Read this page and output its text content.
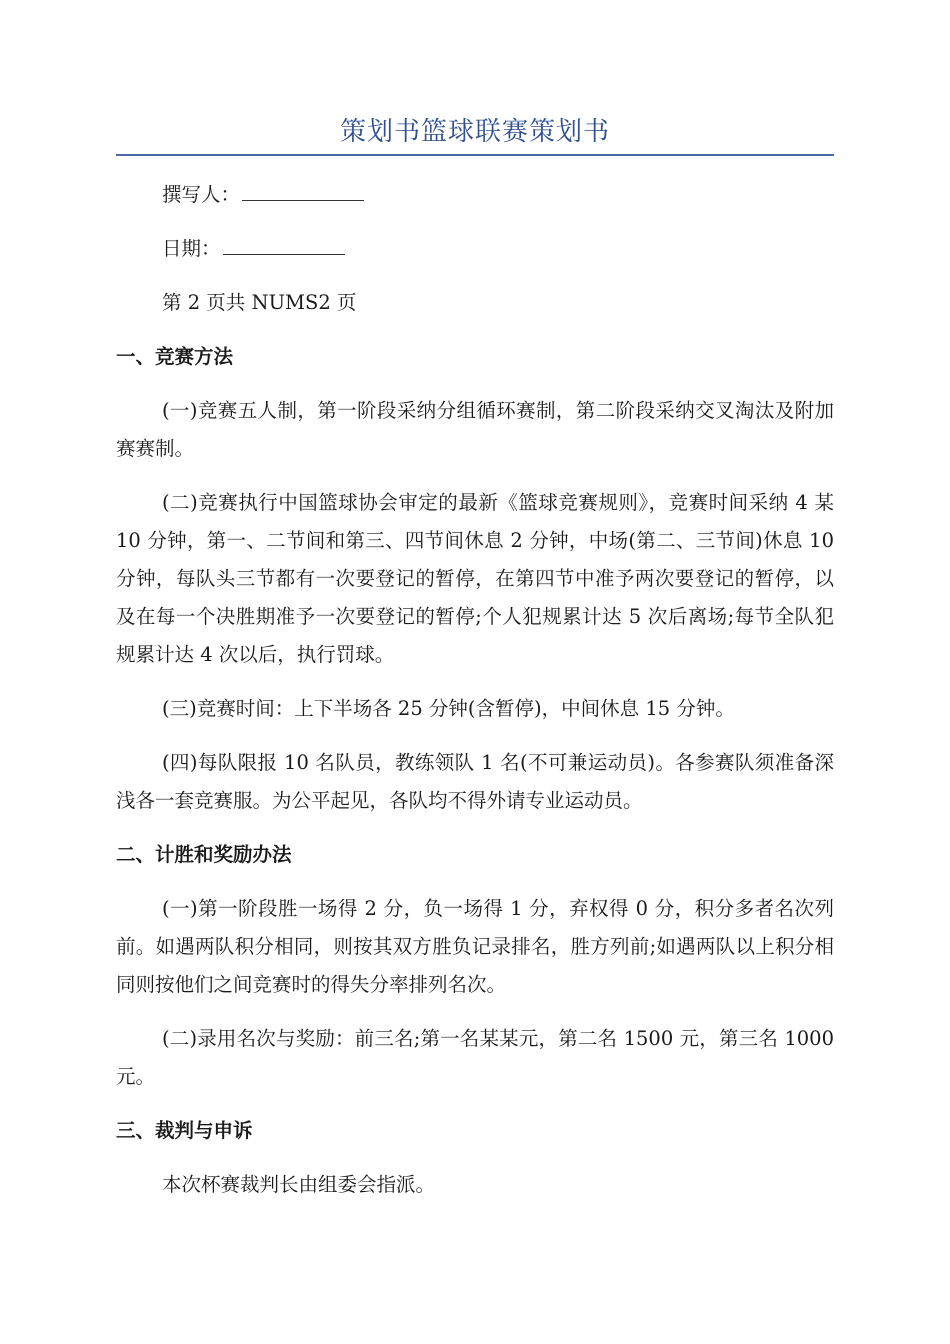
策划书篮球联赛策划书
撰写人：
日期：
第 2 页共 NUMS2 页
一、竞赛方法

(一)竞赛五人制，第一阶段采纳分组循环赛制，第二阶段采纳交叉淘汰及附加赛赛制。

(二)竞赛执行中国篮球协会审定的最新《篮球竞赛规则》，竞赛时间采纳 4 某 10 分钟，第一、二节间和第三、四节间休息 2 分钟，中场(第二、三节间)休息 10 分钟，每队头三节都有一次要登记的暂停，在第四节中准予两次要登记的暂停，以及在每一个决胜期准予一次要登记的暂停;个人犯规累计达 5 次后离场;每节全队犯规累计达 4 次以后，执行罚球。

(三)竞赛时间：上下半场各 25 分钟(含暂停)，中间休息 15 分钟。

(四)每队限报 10 名队员，教练领队 1 名(不可兼运动员)。各参赛队须准备深浅各一套竞赛服。为公平起见，各队均不得外请专业运动员。

二、计胜和奖励办法

(一)第一阶段胜一场得 2 分，负一场得 1 分，弃权得 0 分，积分多者名次列前。如遇两队积分相同，则按其双方胜负记录排名，胜方列前;如遇两队以上积分相同则按他们之间竞赛时的得失分率排列名次。

(二)录用名次与奖励：前三名;第一名某某元，第二名 1500 元，第三名 1000 元。

三、裁判与申诉

本次杯赛裁判长由组委会指派。
